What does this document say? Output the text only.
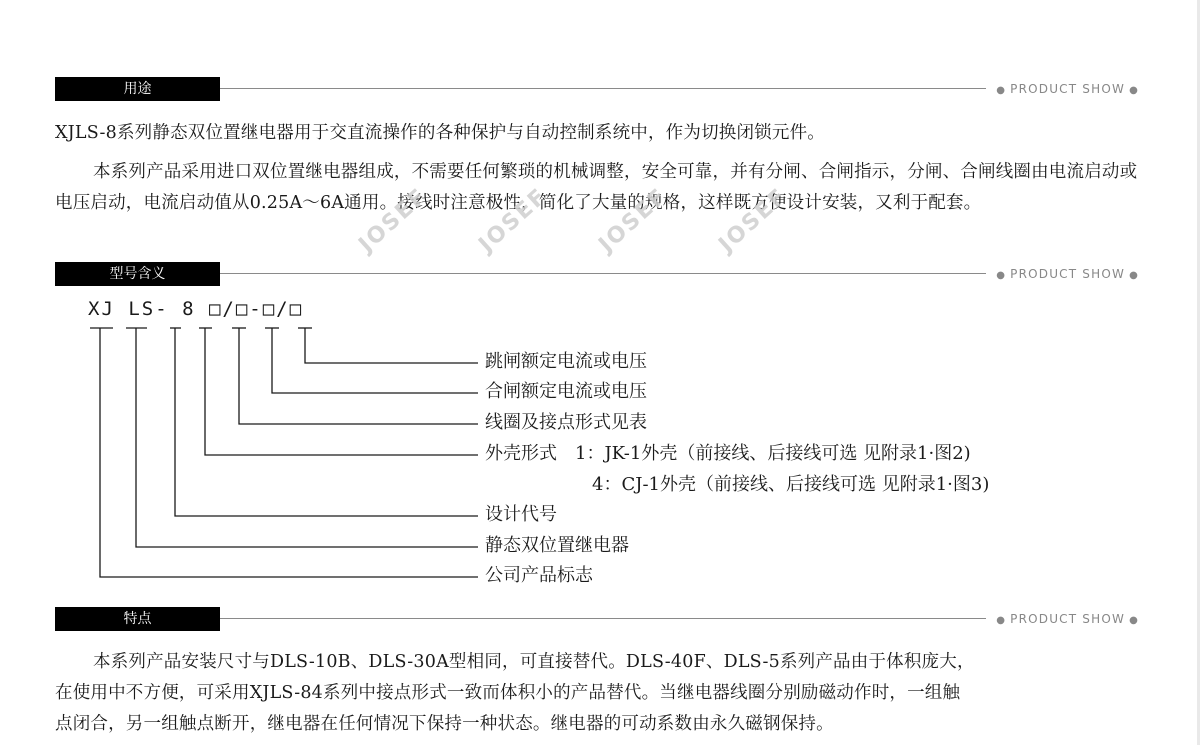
用途	● PRODUCT SHOW ●

XJLS-8系列静态双位置继电器用于交直流操作的各种保护与自动控制系统中，作为切换闭锁元件。

本系列产品采用进口双位置继电器组成，不需要任何繁琐的机械调整，安全可靠，并有分闸、合闸指示，分闸、合闸线圈由电流启动或电压启动，电流启动值从0.25A～6A通用。接线时注意极性，简化了大量的规格，这样既方便设计安装，又利于配套。

JOSEF JOSEF JOSEF JOSEF
型号含义	● PRODUCT SHOW ●
XJ LS- 8 □/□-□/□
跳闸额定电流或电压
合闸额定电流或电压
线圈及接点形式见表
外壳形式　1：JK-1外壳（前接线、后接线可选 见附录1·图2)
4：CJ-1外壳（前接线、后接线可选 见附录1·图3)
设计代号
静态双位置继电器
公司产品标志
特点	● PRODUCT SHOW ●

本系列产品安装尺寸与DLS-10B、DLS-30A型相同，可直接替代。DLS-40F、DLS-5系列产品由于体积庞大，

在使用中不方便，可采用XJLS-84系列中接点形式一致而体积小的产品替代。当继电器线圈分别励磁动作时，一组触

点闭合，另一组触点断开，继电器在任何情况下保持一种状态。继电器的可动系数由永久磁钢保持。
